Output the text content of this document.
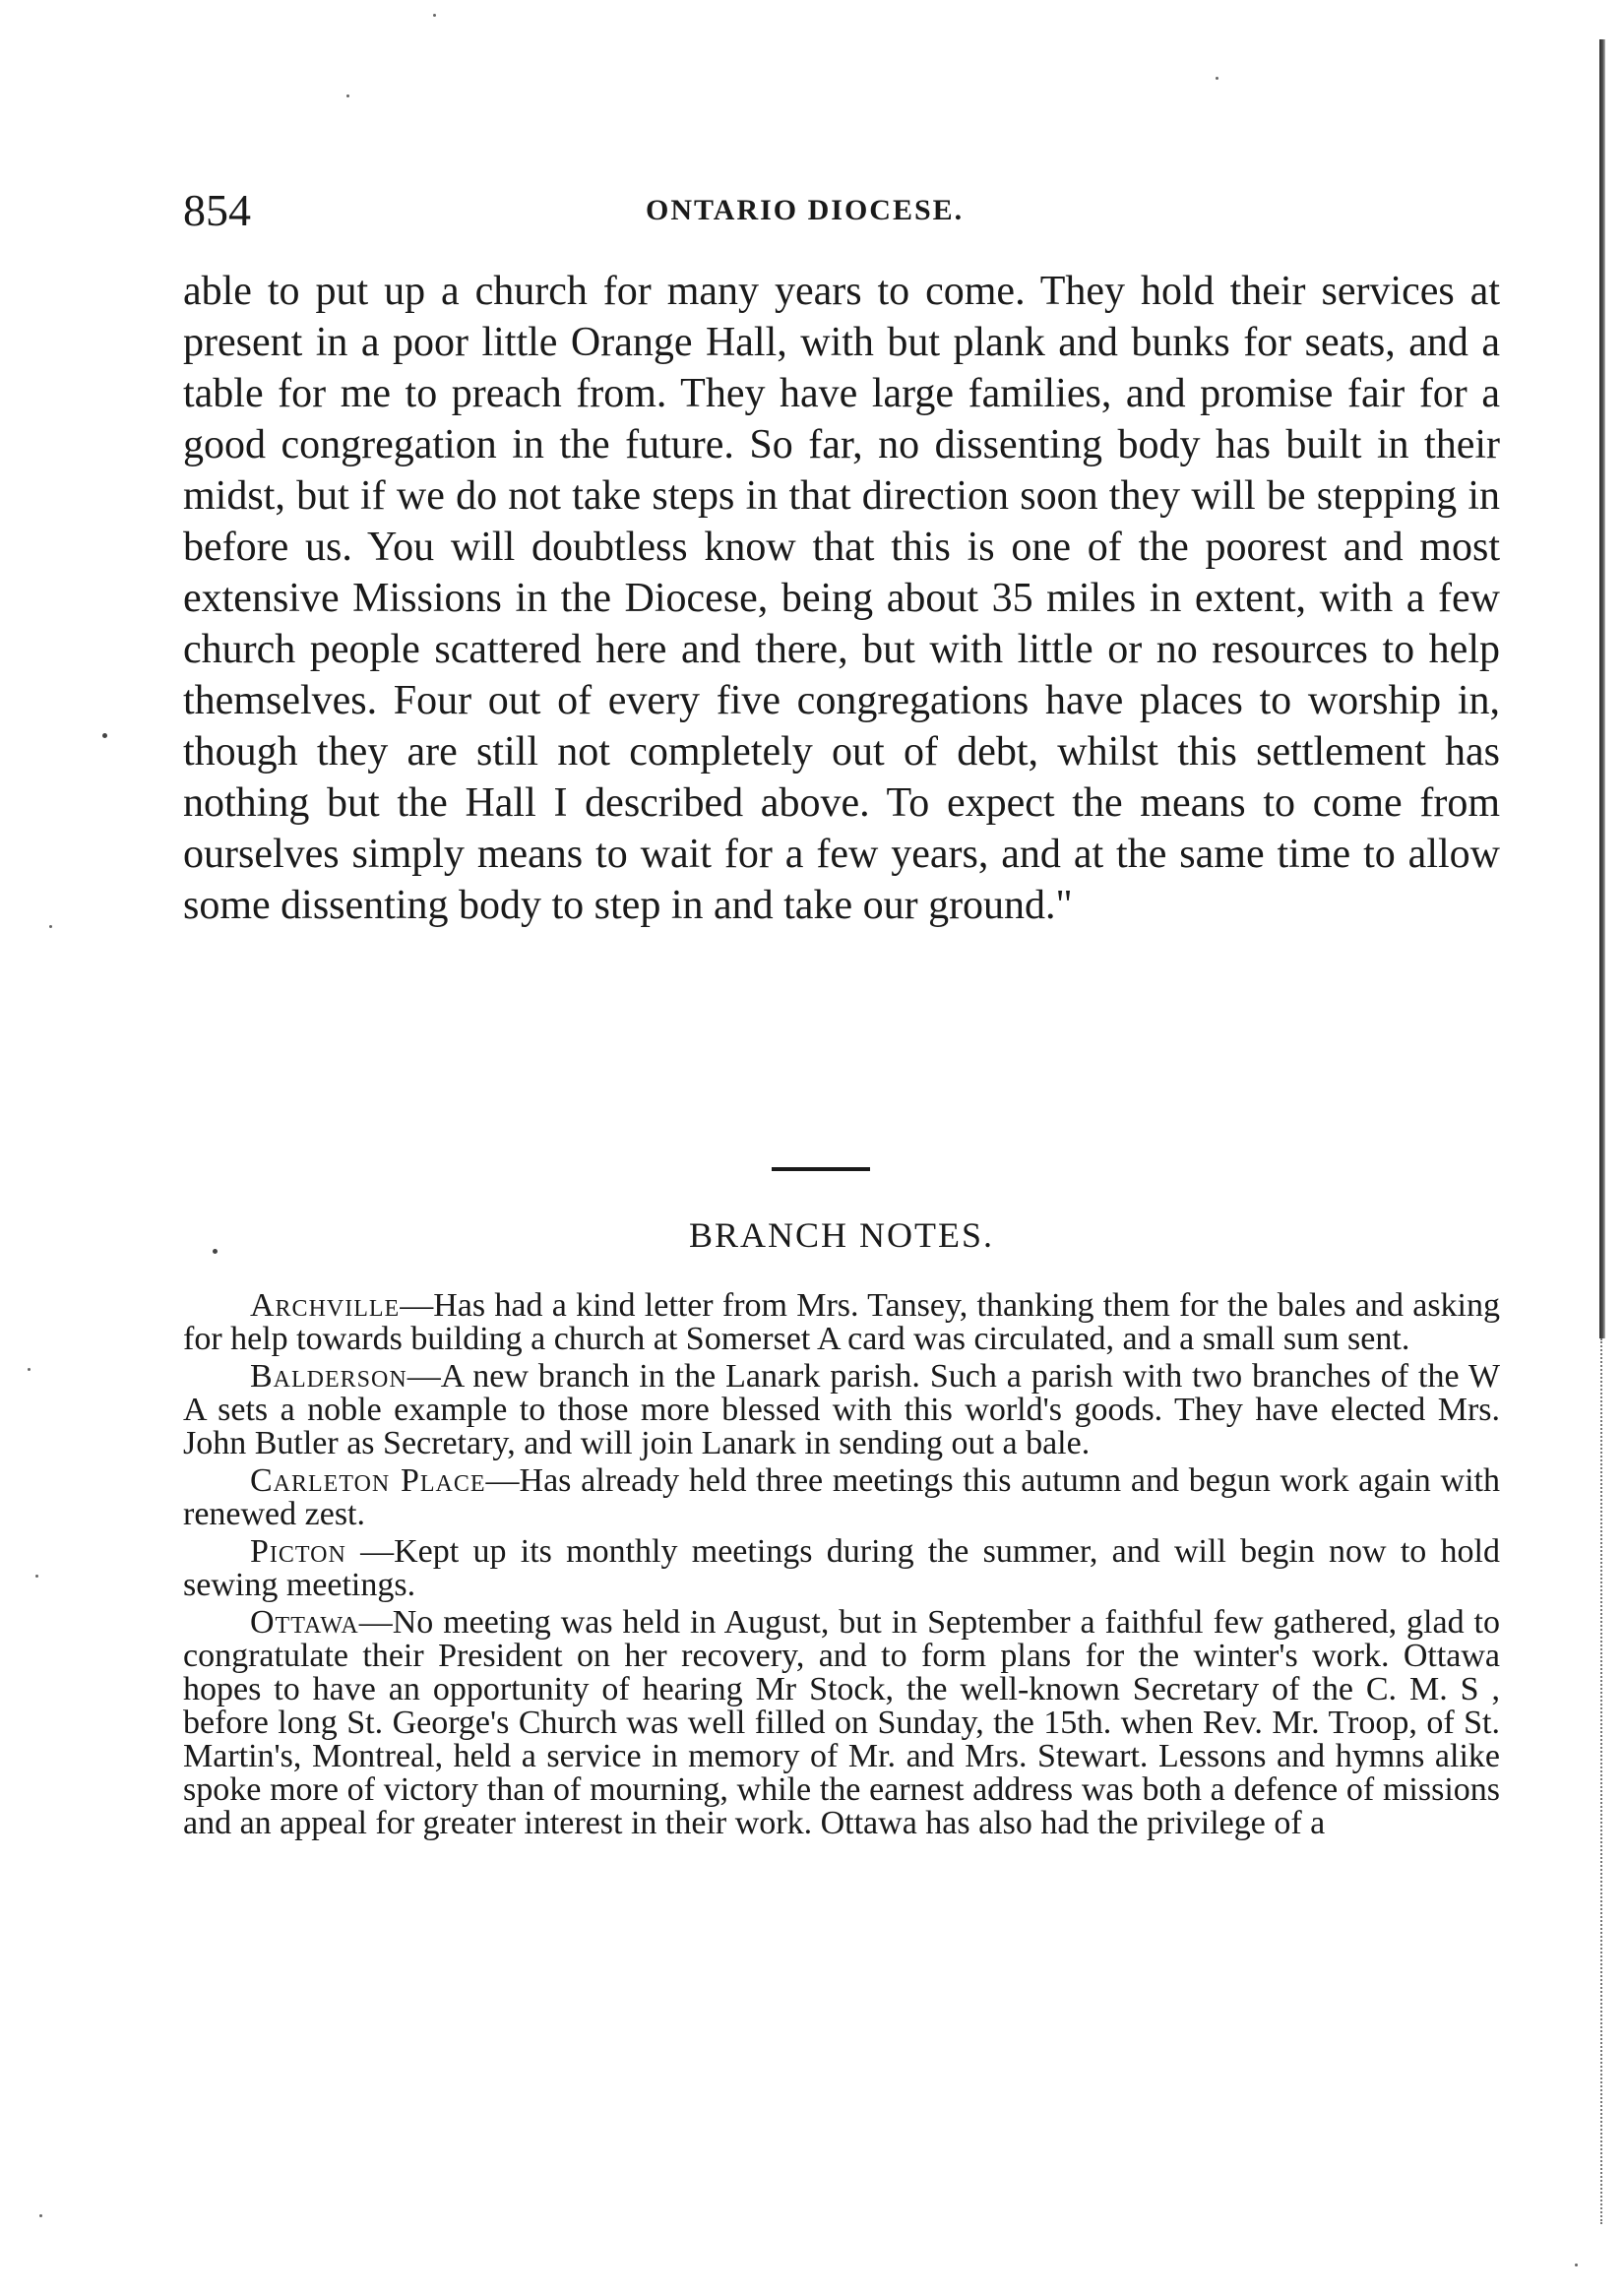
854	ONTARIO DIOCESE.

able to put up a church for many years to come. They hold their services at present in a poor little Orange Hall, with but plank and bunks for seats, and a table for me to preach from. They have large families, and promise fair for a good congregation in the future. So far, no dissenting body has built in their midst, but if we do not take steps in that direction soon they will be stepping in before us. You will doubtless know that this is one of the poorest and most extensive Missions in the Diocese, being about 35 miles in extent, with a few church people scattered here and there, but with little or no resources to help themselves. Four out of every five congregations have places to worship in, though they are still not completely out of debt, whilst this settlement has nothing but the Hall I described above. To expect the means to come from ourselves simply means to wait for a few years, and at the same time to allow some dissenting body to step in and take our ground."

BRANCH NOTES.

Archville—Has had a kind letter from Mrs. Tansey, thanking them for the bales and asking for help towards building a church at Somerset A card was circulated, and a small sum sent.

Balderson—A new branch in the Lanark parish. Such a parish with two branches of the W A sets a noble example to those more blessed with this world's goods. They have elected Mrs. John Butler as Secretary, and will join Lanark in sending out a bale.

Carleton Place—Has already held three meetings this autumn and begun work again with renewed zest.

Picton —Kept up its monthly meetings during the summer, and will begin now to hold sewing meetings.

Ottawa—No meeting was held in August, but in September a faithful few gathered, glad to congratulate their President on her recovery, and to form plans for the winter's work. Ottawa hopes to have an opportunity of hearing Mr Stock, the well-known Secretary of the C. M. S , before long St. George's Church was well filled on Sunday, the 15th. when Rev. Mr. Troop, of St. Martin's, Montreal, held a service in memory of Mr. and Mrs. Stewart. Lessons and hymns alike spoke more of victory than of mourning, while the earnest address was both a defence of missions and an appeal for greater interest in their work. Ottawa has also had the privilege of a
